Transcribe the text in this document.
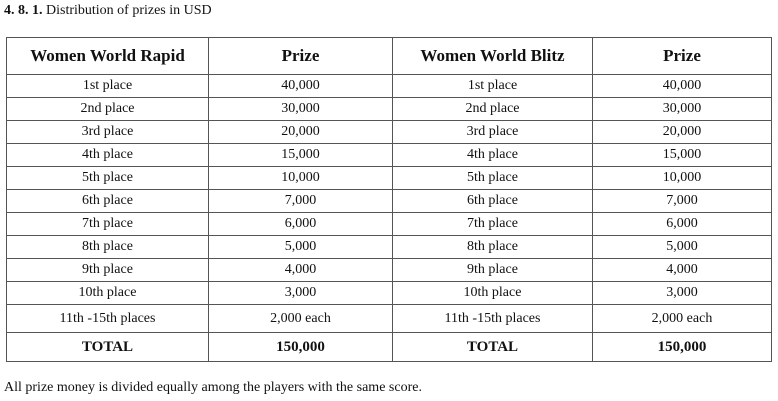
4. 8. 1. Distribution of prizes in USD
Women World Rapid	Prize	Women World Blitz	Prize
1st place	40,000	1st place	40,000
2nd place	30,000	2nd place	30,000
3rd place	20,000	3rd place	20,000
4th place	15,000	4th place	15,000
5th place	10,000	5th place	10,000
6th place	7,000	6th place	7,000
7th place	6,000	7th place	6,000
8th place	5,000	8th place	5,000
9th place	4,000	9th place	4,000
10th place	3,000	10th place	3,000
11th -15th places	2,000 each	11th -15th places	2,000 each
TOTAL	150,000	TOTAL	150,000
All prize money is divided equally among the players with the same score.
